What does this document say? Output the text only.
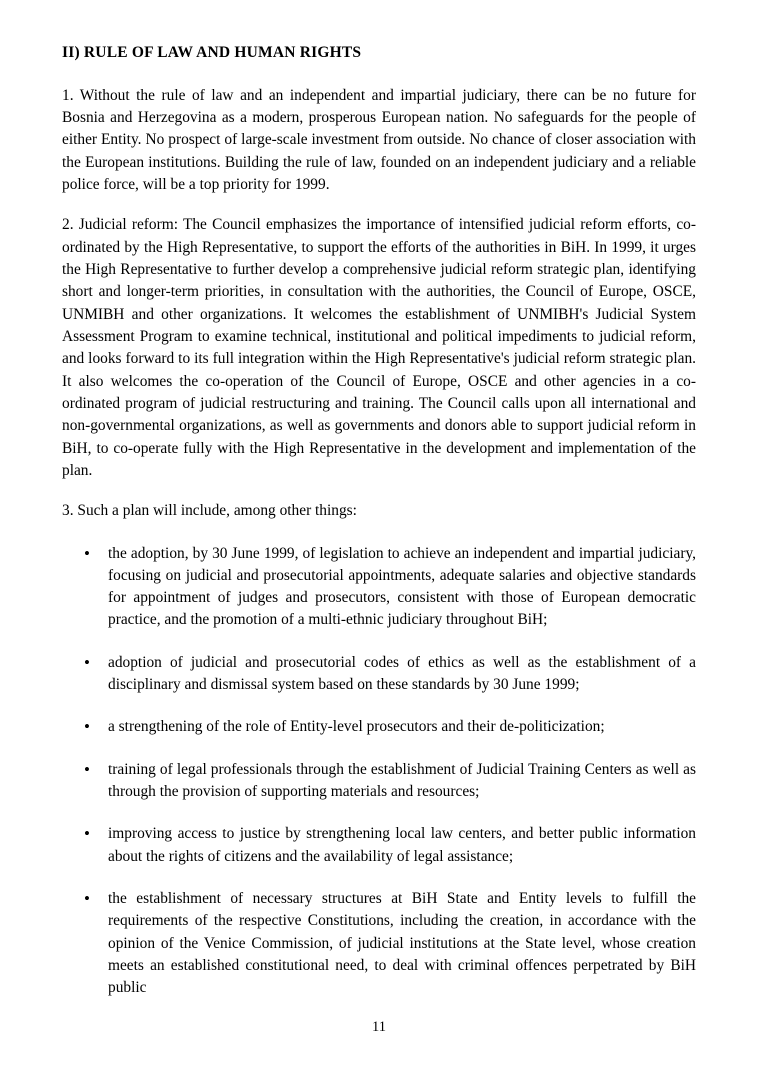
II) RULE OF LAW AND HUMAN RIGHTS

1. Without the rule of law and an independent and impartial judiciary, there can be no future for Bosnia and Herzegovina as a modern, prosperous European nation. No safeguards for the people of either Entity. No prospect of large-scale investment from outside. No chance of closer association with the European institutions. Building the rule of law, founded on an independent judiciary and a reliable police force, will be a top priority for 1999.

2. Judicial reform: The Council emphasizes the importance of intensified judicial reform efforts, co-ordinated by the High Representative, to support the efforts of the authorities in BiH. In 1999, it urges the High Representative to further develop a comprehensive judicial reform strategic plan, identifying short and longer-term priorities, in consultation with the authorities, the Council of Europe, OSCE, UNMIBH and other organizations. It welcomes the establishment of UNMIBH's Judicial System Assessment Program to examine technical, institutional and political impediments to judicial reform, and looks forward to its full integration within the High Representative's judicial reform strategic plan. It also welcomes the co-operation of the Council of Europe, OSCE and other agencies in a co-ordinated program of judicial restructuring and training. The Council calls upon all international and non-governmental organizations, as well as governments and donors able to support judicial reform in BiH, to co-operate fully with the High Representative in the development and implementation of the plan.

3. Such a plan will include, among other things:

• the adoption, by 30 June 1999, of legislation to achieve an independent and impartial judiciary, focusing on judicial and prosecutorial appointments, adequate salaries and objective standards for appointment of judges and prosecutors, consistent with those of European democratic practice, and the promotion of a multi-ethnic judiciary throughout BiH;
• adoption of judicial and prosecutorial codes of ethics as well as the establishment of a disciplinary and dismissal system based on these standards by 30 June 1999;
• a strengthening of the role of Entity-level prosecutors and their de-politicization;
• training of legal professionals through the establishment of Judicial Training Centers as well as through the provision of supporting materials and resources;
• improving access to justice by strengthening local law centers, and better public information about the rights of citizens and the availability of legal assistance;
• the establishment of necessary structures at BiH State and Entity levels to fulfill the requirements of the respective Constitutions, including the creation, in accordance with the opinion of the Venice Commission, of judicial institutions at the State level, whose creation meets an established constitutional need, to deal with criminal offences perpetrated by BiH public
11
